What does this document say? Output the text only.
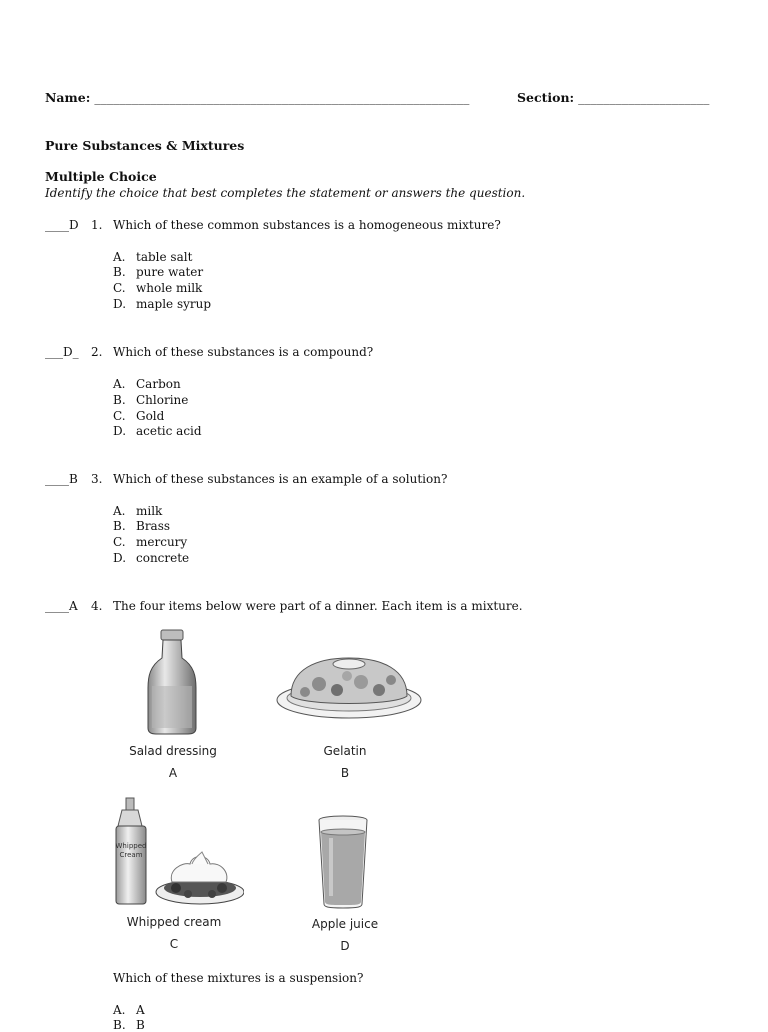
Name: ____________________________________________________________	Section: _____________________
Pure Substances & Mixtures
Multiple Choice
Identify the choice that best completes the statement or answers the question.
____D 1. Which of these common substances is a homogeneous mixture?
A. table salt
B. pure water
C. whole milk
D. maple syrup
___D_ 2. Which of these substances is a compound?
A. Carbon
B. Chlorine
C. Gold
D. acetic acid
____B 3. Which of these substances is an example of a solution?
A. milk
B. Brass
C. mercury
D. concrete
____A 4. The four items below were part of a dinner. Each item is a mixture.
Salad dressing
A
Gelatin
B
Whipped
Cream
Whipped cream
C
Apple juice
D
Which of these mixtures is a suspension?
A. A
B. B
